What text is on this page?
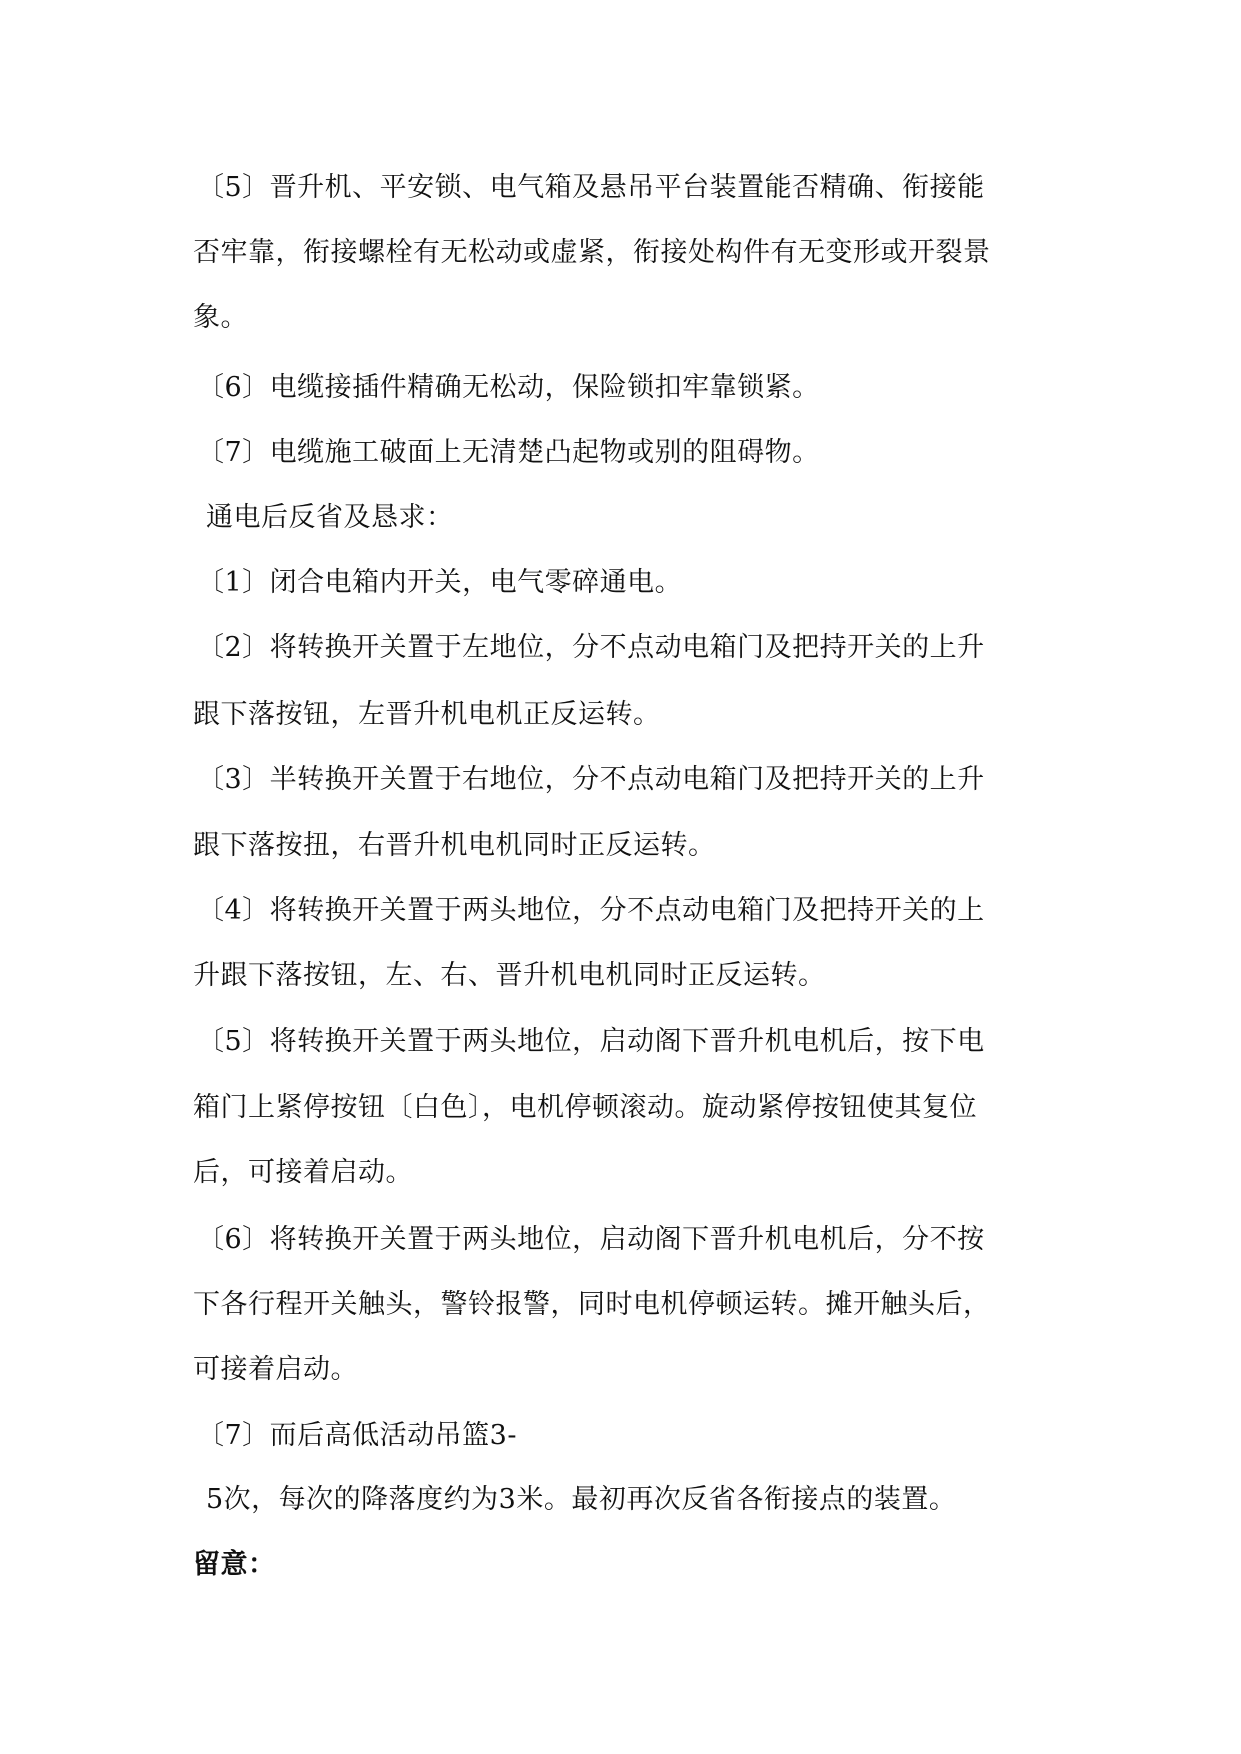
〔5〕晋升机、平安锁、电气箱及悬吊平台装置能否精确、衔接能
否牢靠，衔接螺栓有无松动或虚紧，衔接处构件有无变形或开裂景
象。
〔6〕电缆接插件精确无松动，保险锁扣牢靠锁紧。
〔7〕电缆施工破面上无清楚凸起物或别的阻碍物。
通电后反省及恳求：
〔1〕闭合电箱内开关，电气零碎通电。
〔2〕将转换开关置于左地位，分不点动电箱门及把持开关的上升
跟下落按钮，左晋升机电机正反运转。
〔3〕半转换开关置于右地位，分不点动电箱门及把持开关的上升
跟下落按扭，右晋升机电机同时正反运转。
〔4〕将转换开关置于两头地位，分不点动电箱门及把持开关的上
升跟下落按钮，左、右、晋升机电机同时正反运转。
〔5〕将转换开关置于两头地位，启动阁下晋升机电机后，按下电
箱门上紧停按钮〔白色〕，电机停顿滚动。旋动紧停按钮使其复位
后，可接着启动。
〔6〕将转换开关置于两头地位，启动阁下晋升机电机后，分不按
下各行程开关触头，警铃报警，同时电机停顿运转。摊开触头后，
可接着启动。
〔7〕而后高低活动吊篮3-
5次，每次的降落度约为3米。最初再次反省各衔接点的装置。
留意：
